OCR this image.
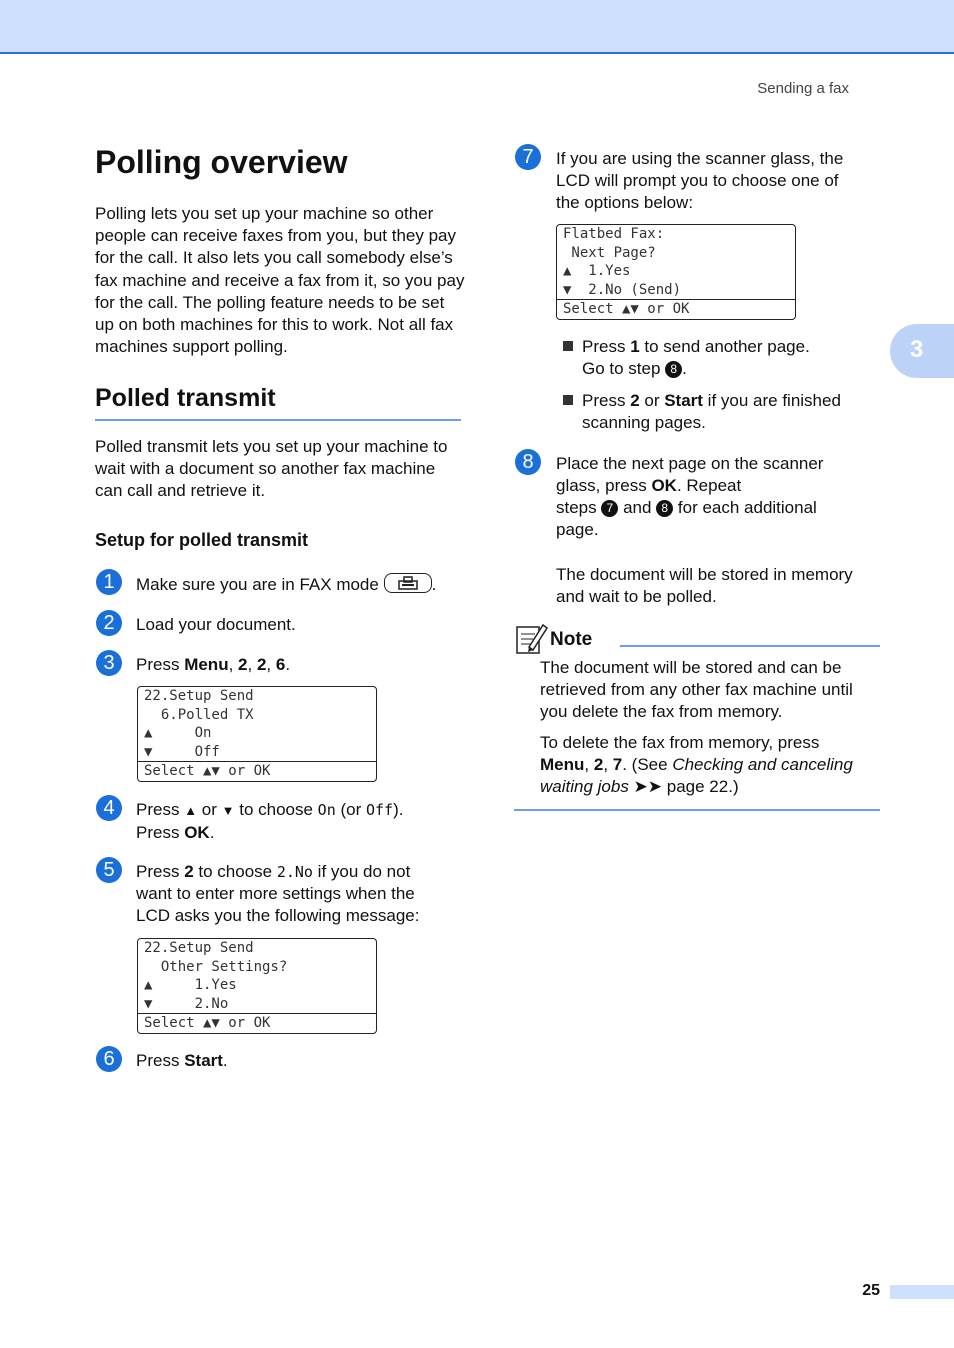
Sending a fax
3
Polling overview
Polling lets you set up your machine so other people can receive faxes from you, but they pay for the call. It also lets you call somebody else’s fax machine and receive a fax from it, so you pay for the call. The polling feature needs to be set up on both machines for this to work. Not all fax machines support polling.
Polled transmit
Polled transmit lets you set up your machine to wait with a document so another fax machine can call and retrieve it.
Setup for polled transmit
1	Make sure you are in FAX mode	.
2	Load your document.
3	Press Menu, 2, 2, 6.
22.Setup Send
6.Polled TX
▲     On
▼     Off
Select ▲▼ or OK
4	Press ▲ or ▼ to choose On (or Off).
Press OK.
5	Press 2 to choose 2.No if you do not
want to enter more settings when the
LCD asks you the following message:
22.Setup Send
Other Settings?
▲     1.Yes
▼     2.No
Select ▲▼ or OK
6	Press Start.
7	If you are using the scanner glass, the
LCD will prompt you to choose one of
the options below:
Flatbed Fax:
Next Page?
▲  1.Yes
▼  2.No (Send)
Select ▲▼ or OK
Press 1 to send another page.
Go to step 8 .
Press 2 or Start if you are finished
scanning pages.
8	Place the next page on the scanner
glass, press OK. Repeat
steps 7 and 8 for each additional
page.
The document will be stored in memory
and wait to be polled.
Note
The document will be stored and can be
retrieved from any other fax machine until
you delete the fax from memory.
To delete the fax from memory, press
Menu, 2, 7. (See Checking and canceling
waiting jobs ➤➤ page 22.)
25
